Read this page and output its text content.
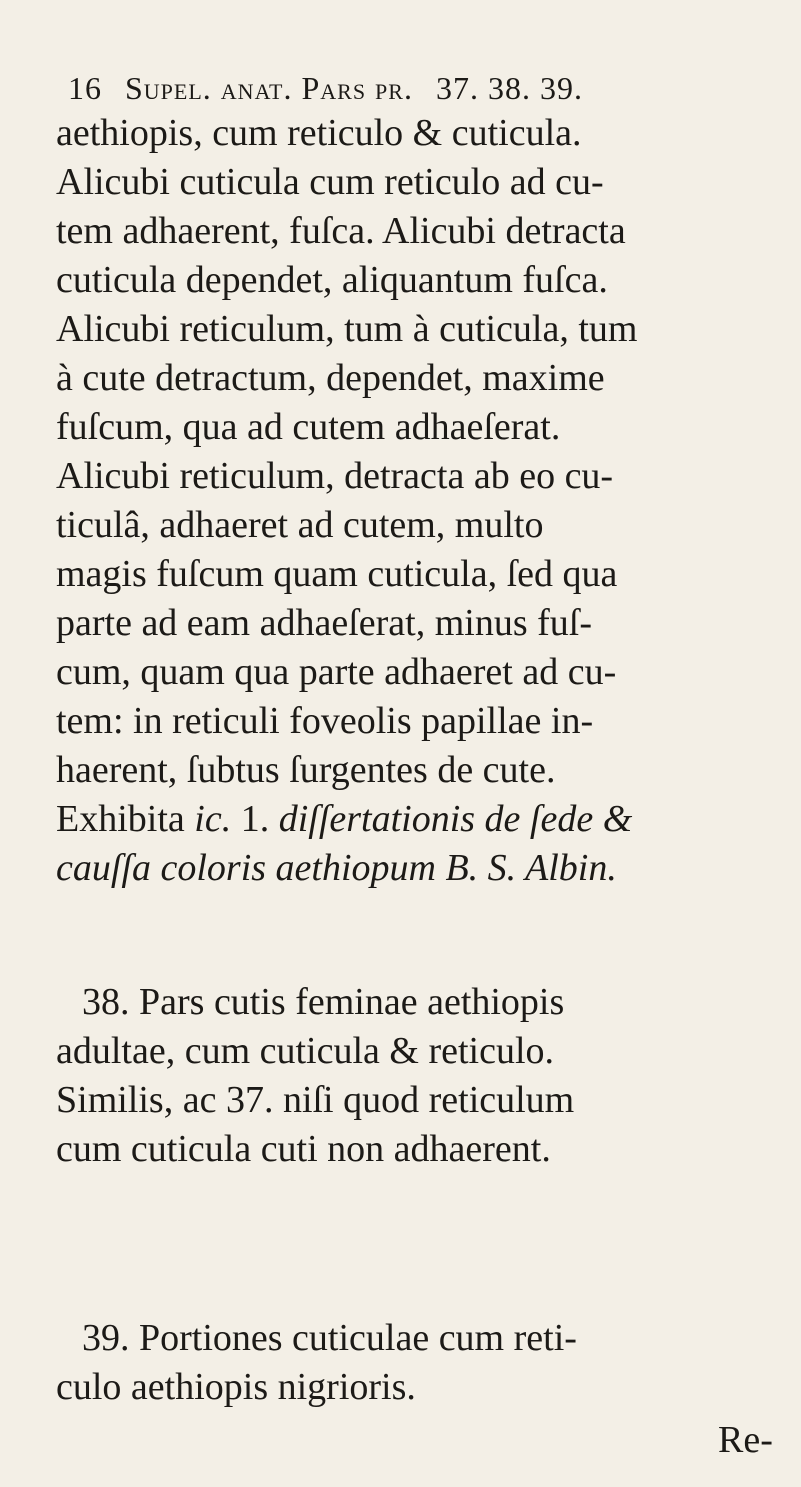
16 Supel. anat. Pars pr. 37. 38. 39.
aethiopis, cum reticulo & cuticula.
Alicubi cuticula cum reticulo ad cu-
tem adhaerent, fuſca. Alicubi detracta
cuticula dependet, aliquantum fuſca.
Alicubi reticulum, tum à cuticula, tum
à cute detractum, dependet, maxime
fuſcum, qua ad cutem adhaeſerat.
Alicubi reticulum, detracta ab eo cu-
ticulâ, adhaeret ad cutem, multo
magis fuſcum quam cuticula, ſed qua
parte ad eam adhaeſerat, minus fuſ-
cum, quam qua parte adhaeret ad cu-
tem: in reticuli foveolis papillae in-
haerent, ſubtus ſurgentes de cute.
Exhibita ic. 1. diſſertationis de ſede &
cauſſa coloris aethiopum B. S. Albin.
38. Pars cutis feminae aethiopis
adultae, cum cuticula & reticulo.
Similis, ac 37. niſi quod reticulum
cum cuticula cuti non adhaerent.
39. Portiones cuticulae cum reti-
culo aethiopis nigrioris.
Re-
